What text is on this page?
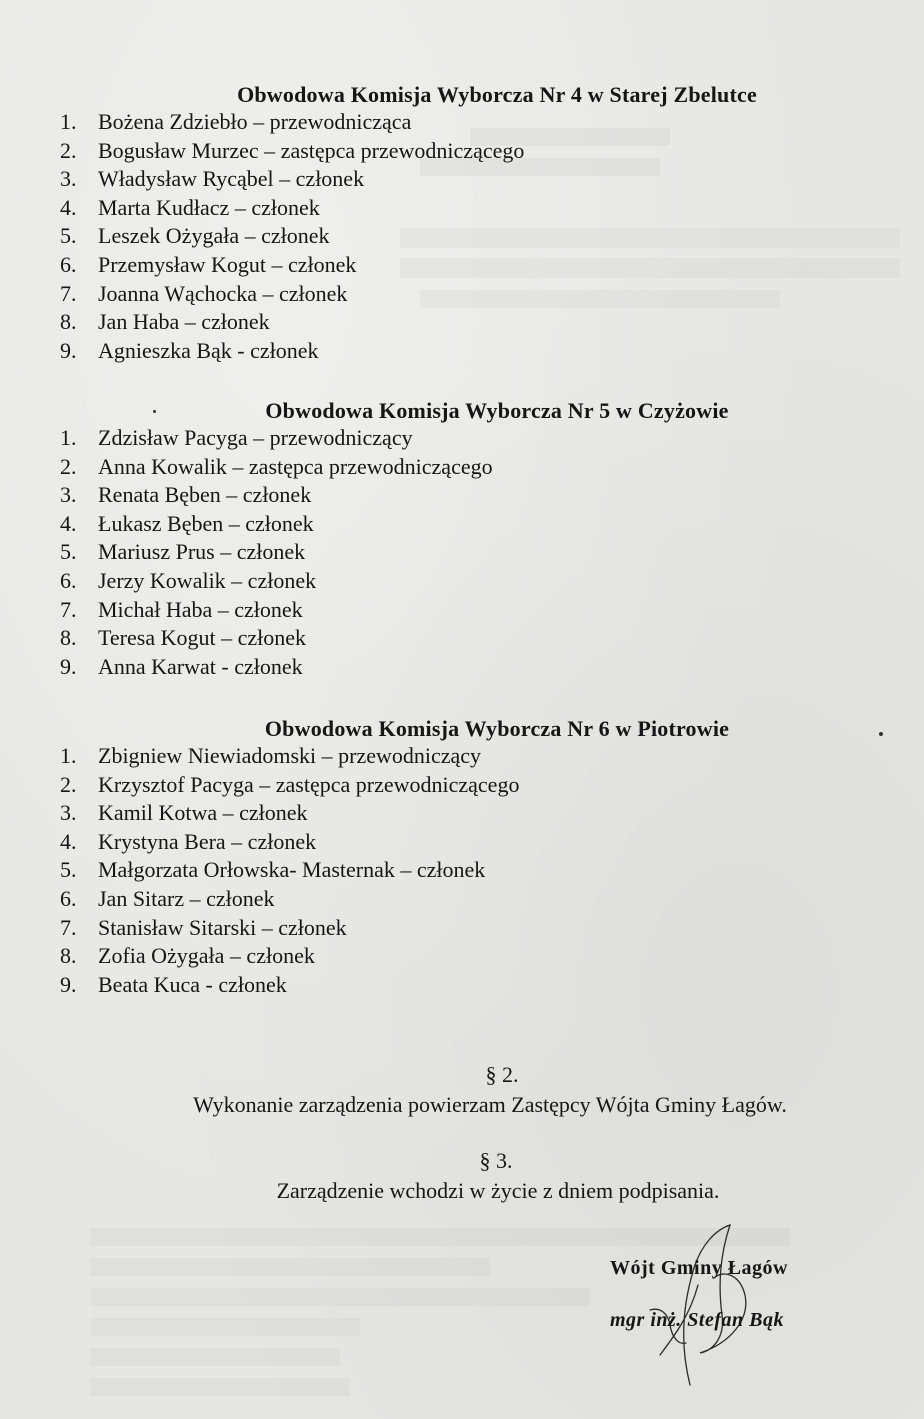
Obwodowa Komisja Wyborcza Nr 4 w Starej Zbelutce
1. Bożena Zdziebło – przewodnicząca
2. Bogusław Murzec – zastępca przewodniczącego
3. Władysław Rycąbel – członek
4. Marta Kudłacz – członek
5. Leszek Ożygała – członek
6. Przemysław Kogut – członek
7. Joanna Wąchocka – członek
8. Jan Haba – członek
9. Agnieszka Bąk - członek
Obwodowa Komisja Wyborcza Nr 5 w Czyżowie
1. Zdzisław Pacyga – przewodniczący
2. Anna Kowalik – zastępca przewodniczącego
3. Renata Bęben – członek
4. Łukasz Bęben – członek
5. Mariusz Prus – członek
6. Jerzy Kowalik – członek
7. Michał Haba – członek
8. Teresa Kogut – członek
9. Anna Karwat - członek
Obwodowa Komisja Wyborcza Nr 6 w Piotrowie
1. Zbigniew Niewiadomski – przewodniczący
2. Krzysztof Pacyga – zastępca przewodniczącego
3. Kamil Kotwa – członek
4. Krystyna Bera – członek
5. Małgorzata Orłowska- Masternak – członek
6. Jan Sitarz – członek
7. Stanisław Sitarski – członek
8. Zofia Ożygała – członek
9. Beata Kuca - członek
§ 2.
Wykonanie zarządzenia powierzam Zastępcy Wójta Gminy Łagów.
§ 3.
Zarządzenie wchodzi w życie z dniem podpisania.
Wójt Gminy Łagów
mgr inż. Stefan Bąk
